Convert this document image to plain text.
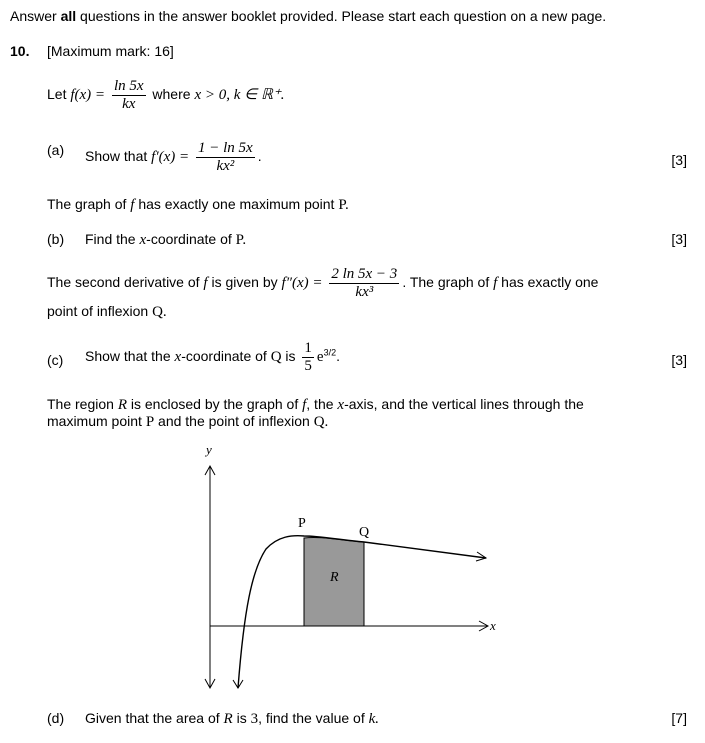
Answer all questions in the answer booklet provided. Please start each question on a new page.
10. [Maximum mark: 16]
Let $f(x) = \frac{\ln 5x}{kx}$ where x > 0, k ∈ ℝ⁺.
(a) Show that $f'(x) = \frac{1 - \ln 5x}{\text{kx²}}$ .	[3]
The graph of f has exactly one maximum point P.
(b) Find the x-coordinate of P.	[3]
The second derivative of f is given by $f''(x) = \frac{2 \ln 5x - 3}{\text{kx³}}$ . The graph of f has exactly one
point of inflexion Q.
(c) Show that the x-coordinate of Q is $\frac{1}{5} e^{3/2}$.	[3]
The region R is enclosed by the graph of f, the x-axis, and the vertical lines through the
maximum point P and the point of inflexion Q.
y
x
P
Q
R
(d) Given that the area of R is 3, find the value of k.	[7]
